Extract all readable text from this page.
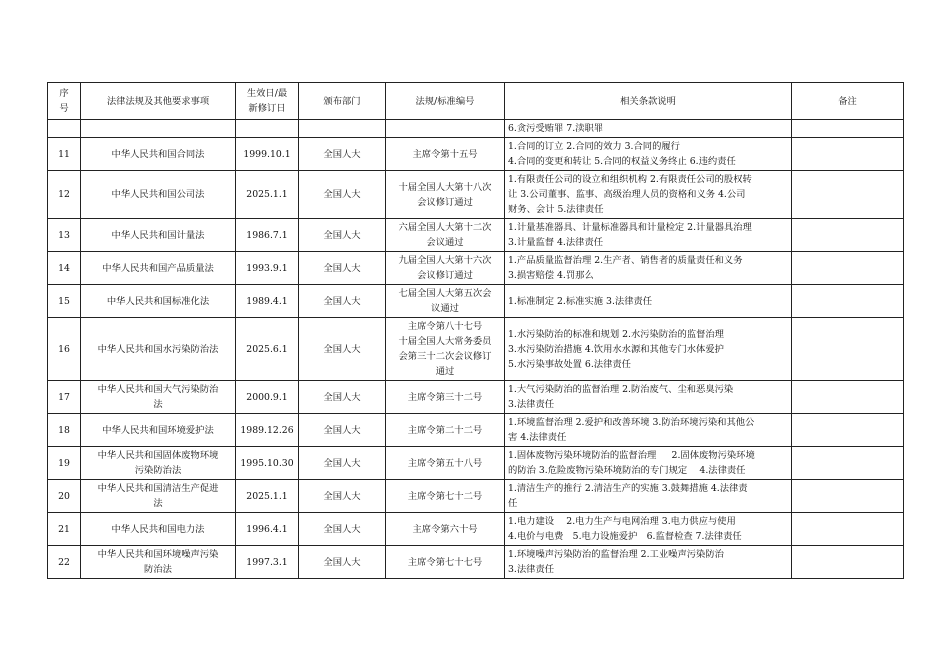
序
号	法律法规及其他要求事项	生效日/最
新修订日	颁布部门	法规/标准编号	相关条款说明	备注
					6.贪污受贿罪 7.渎职罪	
11	中华人民共和国合同法	1999.10.1	全国人大	主席令第十五号	1.合同的订立 2.合同的效力 3.合同的履行
4.合同的变更和转让 5.合同的权益义务终止 6.违约责任	
12	中华人民共和国公司法	2025.1.1	全国人大	十届全国人大第十八次
会议修订通过	1.有限责任公司的设立和组织机构 2.有限责任公司的股权转
让 3.公司董事、监事、高级治理人员的资格和义务 4.公司
财务、会计 5.法律责任	
13	中华人民共和国计量法	1986.7.1	全国人大	六届全国人大第十二次
会议通过	1.计量基准器具、计量标准器具和计量检定 2.计量器具治理
3.计量监督 4.法律责任	
14	中华人民共和国产品质量法	1993.9.1	全国人大	九届全国人大第十六次
会议修订通过	1.产品质量监督治理 2.生产者、销售者的质量责任和义务
3.损害赔偿 4.罚那么	
15	中华人民共和国标准化法	1989.4.1	全国人大	七届全国人大第五次会
议通过	1.标准制定 2.标准实施 3.法律责任

16	中华人民共和国水污染防治法	2025.6.1	全国人大	主席令第八十七号
十届全国人大常务委员
会第三十二次会议修订
通过	1.水污染防治的标准和规划 2.水污染防治的监督治理
3.水污染防治措施 4.饮用水水源和其他专门水体爱护
5.水污染事故处置 6.法律责任	
17	中华人民共和国大气污染防治
法	2000.9.1	全国人大	主席令第三十二号	1.大气污染防治的监督治理 2.防治废气、尘和恶臭污染
3.法律责任	
18	中华人民共和国环境爱护法	1989.12.26	全国人大	主席令第二十二号	1.环境监督治理 2.爱护和改善环境 3.防治环境污染和其他公
害 4.法律责任	
19	中华人民共和国固体废物环境
污染防治法	1995.10.30	全国人大	主席令第五十八号	1.固体废物污染环境防治的监督治理 　 2.固体废物污染环境
的防治 3.危险废物污染环境防治的专门规定 　4.法律责任	
20	中华人民共和国清洁生产促进
法	2025.1.1	全国人大	主席令第七十二号	1.清洁生产的推行 2.清洁生产的实施 3.鼓舞措施 4.法律责
任	
21	中华人民共和国电力法	1996.4.1	全国人大	主席令第六十号	1.电力建设　 2.电力生产与电网治理 3.电力供应与使用
4.电价与电费　5.电力设施爱护　6.监督检查 7.法律责任	
22	中华人民共和国环境噪声污染
防治法	1997.3.1	全国人大	主席令第七十七号	1.环境噪声污染防治的监督治理 2.工业噪声污染防治
3.法律责任	
